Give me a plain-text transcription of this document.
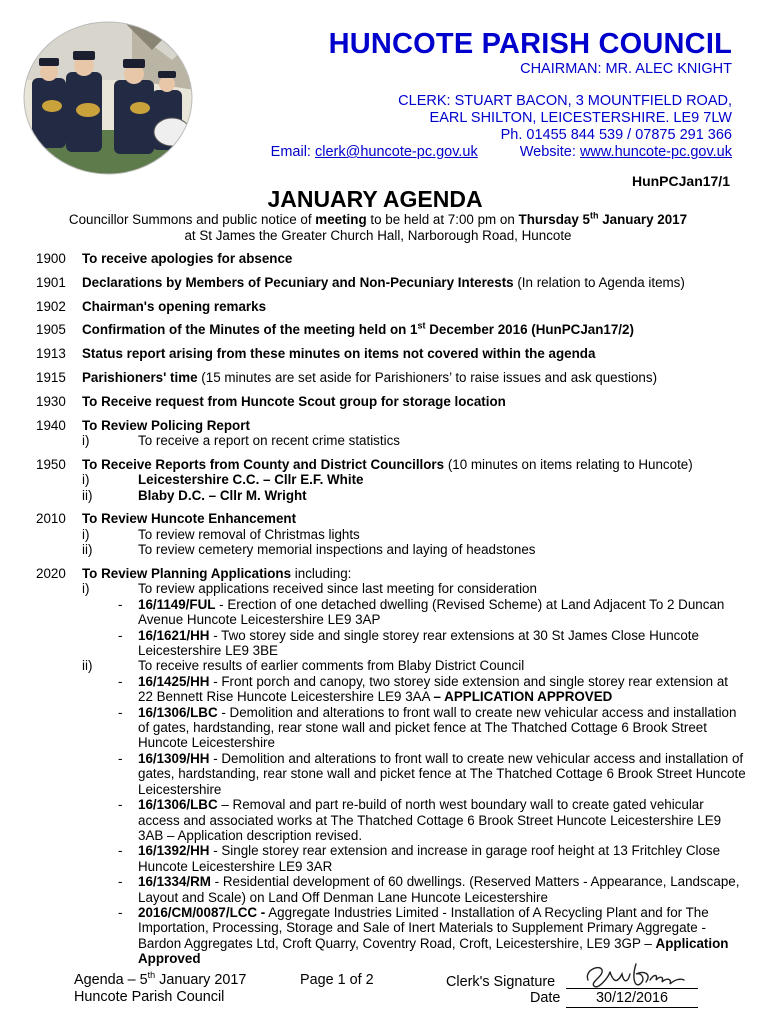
HUNCOTE PARISH COUNCIL
CHAIRMAN: MR. ALEC KNIGHT
CLERK: STUART BACON, 3 MOUNTFIELD ROAD,
EARL SHILTON, LEICESTERSHIRE. LE9 7LW
Ph. 01455 844 539 / 07875 291 366
Email: clerk@huncote-pc.gov.uk	Website: www.huncote-pc.gov.uk
HunPCJan17/1
JANUARY AGENDA
Councillor Summons and public notice of meeting to be held at 7:00 pm on Thursday 5th January 2017
at St James the Greater Church Hall, Narborough Road, Huncote
1900	To receive apologies for absence
1901	Declarations by Members of Pecuniary and Non-Pecuniary Interests (In relation to Agenda items)
1902	Chairman's opening remarks
1905	Confirmation of the Minutes of the meeting held on 1st December 2016 (HunPCJan17/2)
1913	Status report arising from these minutes on items not covered within the agenda
1915	Parishioners' time (15 minutes are set aside for Parishioners’ to raise issues and ask questions)
1930	To Receive request from Huncote Scout group for storage location
1940	To Review Policing Report
i)	To receive a report on recent crime statistics
1950	To Receive Reports from County and District Councillors (10 minutes on items relating to Huncote)
i)	Leicestershire C.C. – Cllr E.F. White
ii)	Blaby D.C. – Cllr M. Wright
2010	To Review Huncote Enhancement
i)	To review removal of Christmas lights
ii)	To review cemetery memorial inspections and laying of headstones
2020	To Review Planning Applications including:
i)	To review applications received since last meeting for consideration
-	16/1149/FUL - Erection of one detached dwelling (Revised Scheme) at Land Adjacent To 2 Duncan Avenue Huncote Leicestershire LE9 3AP
-	16/1621/HH - Two storey side and single storey rear extensions at 30 St James Close Huncote Leicestershire LE9 3BE
ii)	To receive results of earlier comments from Blaby District Council
-	16/1425/HH - Front porch and canopy, two storey side extension and single storey rear extension at 22 Bennett Rise Huncote Leicestershire LE9 3AA – APPLICATION APPROVED
-	16/1306/LBC - Demolition and alterations to front wall to create new vehicular access and installation of gates, hardstanding, rear stone wall and picket fence at The Thatched Cottage 6 Brook Street Huncote Leicestershire
-	16/1309/HH - Demolition and alterations to front wall to create new vehicular access and installation of gates, hardstanding, rear stone wall and picket fence at The Thatched Cottage 6 Brook Street Huncote Leicestershire
-	16/1306/LBC – Removal and part re-build of north west boundary wall to create gated vehicular access and associated works at The Thatched Cottage 6 Brook Street Huncote Leicestershire LE9 3AB – Application description revised.
-	16/1392/HH - Single storey rear extension and increase in garage roof height at 13 Fritchley Close Huncote Leicestershire LE9 3AR
-	16/1334/RM - Residential development of 60 dwellings. (Reserved Matters - Appearance, Landscape, Layout and Scale) on Land Off Denman Lane Huncote Leicestershire
-	2016/CM/0087/LCC - Aggregate Industries Limited - Installation of A Recycling Plant and for The Importation, Processing, Storage and Sale of Inert Materials to Supplement Primary Aggregate - Bardon Aggregates Ltd, Croft Quarry, Coventry Road, Croft, Leicestershire, LE9 3GP – Application Approved
Agenda – 5th January 2017
Huncote Parish Council
Page 1 of 2	Clerk's Signature
Date	30/12/2016
